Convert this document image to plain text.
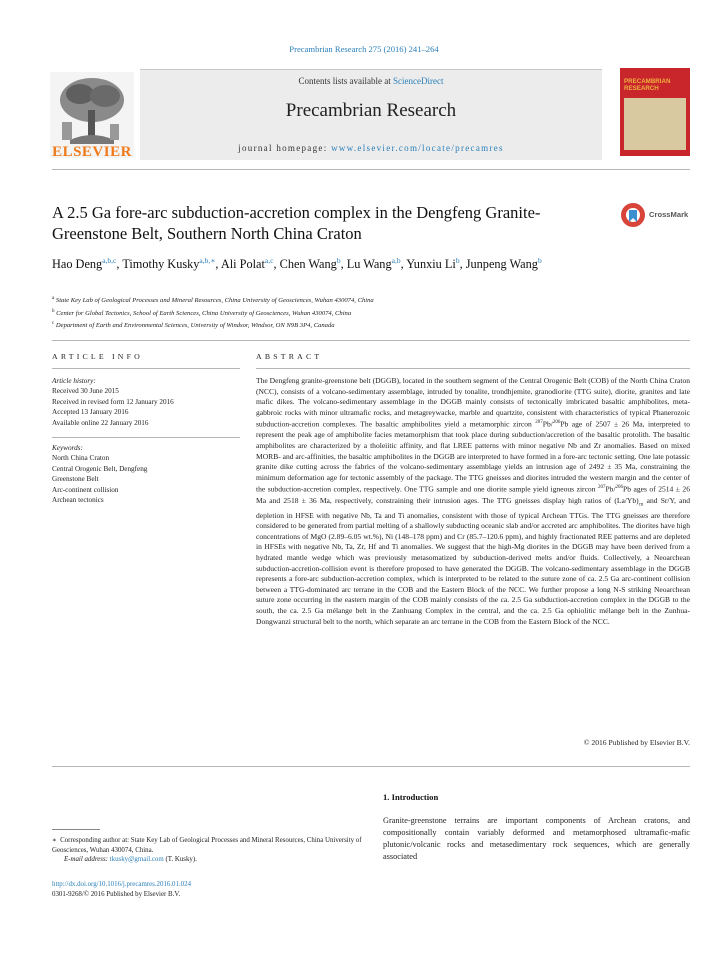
Precambrian Research 275 (2016) 241–264
ELSEVIER
Contents lists available at ScienceDirect
Precambrian Research
journal homepage: www.elsevier.com/locate/precamres
PRECAMBRIAN RESEARCH
A 2.5 Ga fore-arc subduction-accretion complex in the Dengfeng Granite-Greenstone Belt, Southern North China Craton
CrossMark
Hao Deng$^{a,b,c}$, Timothy Kusky$^{a,b,∗}$, Ali Polat$^{a,c}$, Chen Wang$^b$, Lu Wang$^{a,b}$, Yunxiu Li$^b$, Junpeng Wang$^b$
$^a$ State Key Lab of Geological Processes and Mineral Resources, China University of Geosciences, Wuhan 430074, China
$^b$ Center for Global Tectonics, School of Earth Sciences, China University of Geosciences, Wuhan 430074, China
$^c$ Department of Earth and Environmental Sciences, University of Windsor, Windsor, ON N9B 3P4, Canada
ARTICLE INFO	ABSTRACT
Article history:
Received 30 June 2015
Received in revised form 12 January 2016
Accepted 13 January 2016
Available online 22 January 2016
Keywords:
North China Craton
Central Orogenic Belt, Dengfeng
Greenstone Belt
Arc-continent collision
Archean tectonics
The Dengfeng granite-greenstone belt (DGGB), located in the southern segment of the Central Orogenic Belt (COB) of the North China Craton (NCC), consists of a volcano-sedimentary assemblage, intruded by tonalite, trondhjemite, granodiorite (TTG suite), diorite, granites and late mafic dikes. The volcano-sedimentary assemblage in the DGGB mainly consists of tectonically imbricated basaltic amphibolites, meta-gabbroic rocks with minor ultramafic rocks, and metagreywacke, marble and quartzite, consistent with characteristics of typical Phanerozoic subduction-accretion complexes. The basaltic amphibolites yield a metamorphic zircon $^{207}$Pb/$^{206}$Pb age of 2507 ± 26 Ma, interpreted to represent the peak age of amphibolite facies metamorphism that took place during subduction/accretion of the basaltic protolith. The basaltic amphibolites are characterized by a tholeiitic affinity, and flat LREE patterns with minor negative Nb and Zr anomalies. Based on mixed MORB- and arc-affinities, the basaltic amphibolites in the DGGB are interpreted to have formed in a fore-arc tectonic setting. One late potassic granite dike cutting across the fabrics of the volcano-sedimentary assemblage yields an intrusion age of 2492 ± 35 Ma, constraining the minimum deformation age for tectonic assembly of the package. The TTG gneisses and diorites intruded the western margin and the center of the subduction-accretion complex, respectively. One TTG sample and one diorite sample yield igneous zircon $^{207}$Pb/$^{206}$Pb ages of 2514 ± 26 Ma and 2518 ± 36 Ma, respectively, constraining their intrusion ages. The TTG gneisses display high ratios of $(La/Yb)_{cn}$ and Sr/Y, and depletion in HFSE with negative Nb, Ta and Ti anomalies, consistent with those of typical Archean TTGs. The TTG gneisses are therefore considered to be generated from partial melting of a shallowly subducting oceanic slab and/or accreted arc amphibolites. The diorites have high concentrations of MgO (2.89–6.05 wt.%), Ni (148–178 ppm) and Cr (85.7–120.6 ppm), and highly fractionated REE patterns and are depleted in HFSEs with negative Nb, Ta, Zr, Hf and Ti anomalies. We suggest that the high-Mg diorites in the DGGB may have been derived from a hydrated mantle wedge which was previously metasomatized by subduction-derived melts and/or fluids. Collectively, a Neoarchean subduction-accretion-collision event is therefore proposed to have generated the DGGB. The volcano-sedimentary assemblage in the DGGB represents a fore-arc subduction-accretion complex, which is interpreted to be related to the suture zone of ca. 2.5 Ga arc-continent collision between a TTG-dominated arc terrane in the COB and the Eastern Block of the NCC. We further propose a long N-S striking Neoarchean suture zone occurring in the eastern margin of the COB mainly consists of the ca. 2.5 Ga subduction-accretion complex in the DGGB to the south, the ca. 2.5 Ga mélange belt in the Zanhuang Complex in the central, and the ca. 2.5 Ga ophiolitic mélange belt in the Zunhua-Dongwanzi structural belt to the north, which separate an arc terrane in the COB from the Eastern Block of the NCC.
© 2016 Published by Elsevier B.V.
1. Introduction
Granite-greenstone terrains are important components of Archean cratons, and compositionally contain variably deformed and metamorphosed ultramafic-mafic plutonic/volcanic rocks and metasedimentary rock sequences, which are generally associated
∗ Corresponding author at: State Key Lab of Geological Processes and Mineral Resources, China University of Geosciences, Wuhan 430074, China.
E-mail address: tkusky@gmail.com (T. Kusky).
http://dx.doi.org/10.1016/j.precamres.2016.01.024
0301-9268/© 2016 Published by Elsevier B.V.
